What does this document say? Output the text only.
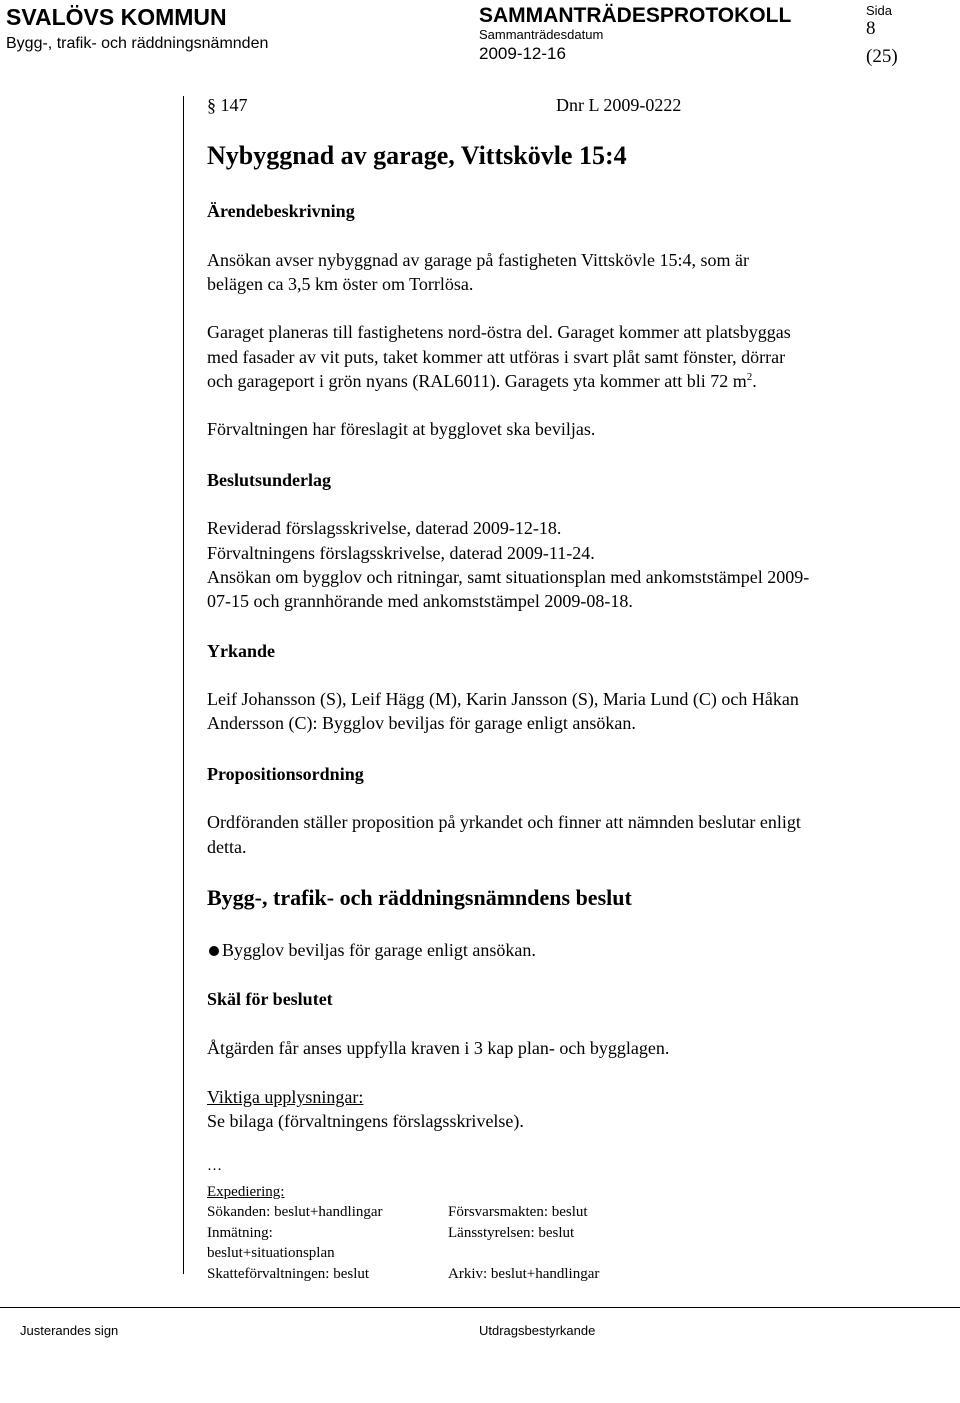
SVALÖVS KOMMUN
Bygg-, trafik- och räddningsnämnden
SAMMANTRÄDESPROTOKOLL
Sammanträdesdatum
2009-12-16
Sida
8
(25)
§ 147	Dnr L 2009-0222
Nybyggnad av garage, Vittskövle 15:4
Ärendebeskrivning
Ansökan avser nybyggnad av garage på fastigheten Vittskövle 15:4, som är
belägen ca 3,5 km öster om Torrlösa.
Garaget planeras till fastighetens nord-östra del. Garaget kommer att platsbyggas
med fasader av vit puts, taket kommer att utföras i svart plåt samt fönster, dörrar
och garageport i grön nyans (RAL6011). Garagets yta kommer att bli 72 $m^2$.
Förvaltningen har föreslagit at bygglovet ska beviljas.
Beslutsunderlag
Reviderad förslagsskrivelse, daterad 2009-12-18.
Förvaltningens förslagsskrivelse, daterad 2009-11-24.
Ansökan om bygglov och ritningar, samt situationsplan med ankomststämpel 2009-
07-15 och grannhörande med ankomststämpel 2009-08-18.
Yrkande
Leif Johansson (S), Leif Hägg (M), Karin Jansson (S), Maria Lund (C) och Håkan
Andersson (C): Bygglov beviljas för garage enligt ansökan.
Propositionsordning
Ordföranden ställer proposition på yrkandet och finner att nämnden beslutar enligt
detta.
Bygg-, trafik- och räddningsnämndens beslut
Bygglov beviljas för garage enligt ansökan.
Skäl för beslutet
Åtgärden får anses uppfylla kraven i 3 kap plan- och bygglagen.
Viktiga upplysningar:
Se bilaga (förvaltningens förslagsskrivelse).
…
Expediering:
Sökanden: beslut+handlingar
Inmätning:
beslut+situationsplan
Skatteförvaltningen: beslut
Försvarsmakten: beslut
Länsstyrelsen: beslut
Arkiv: beslut+handlingar
Justerandes sign	Utdragsbestyrkande
